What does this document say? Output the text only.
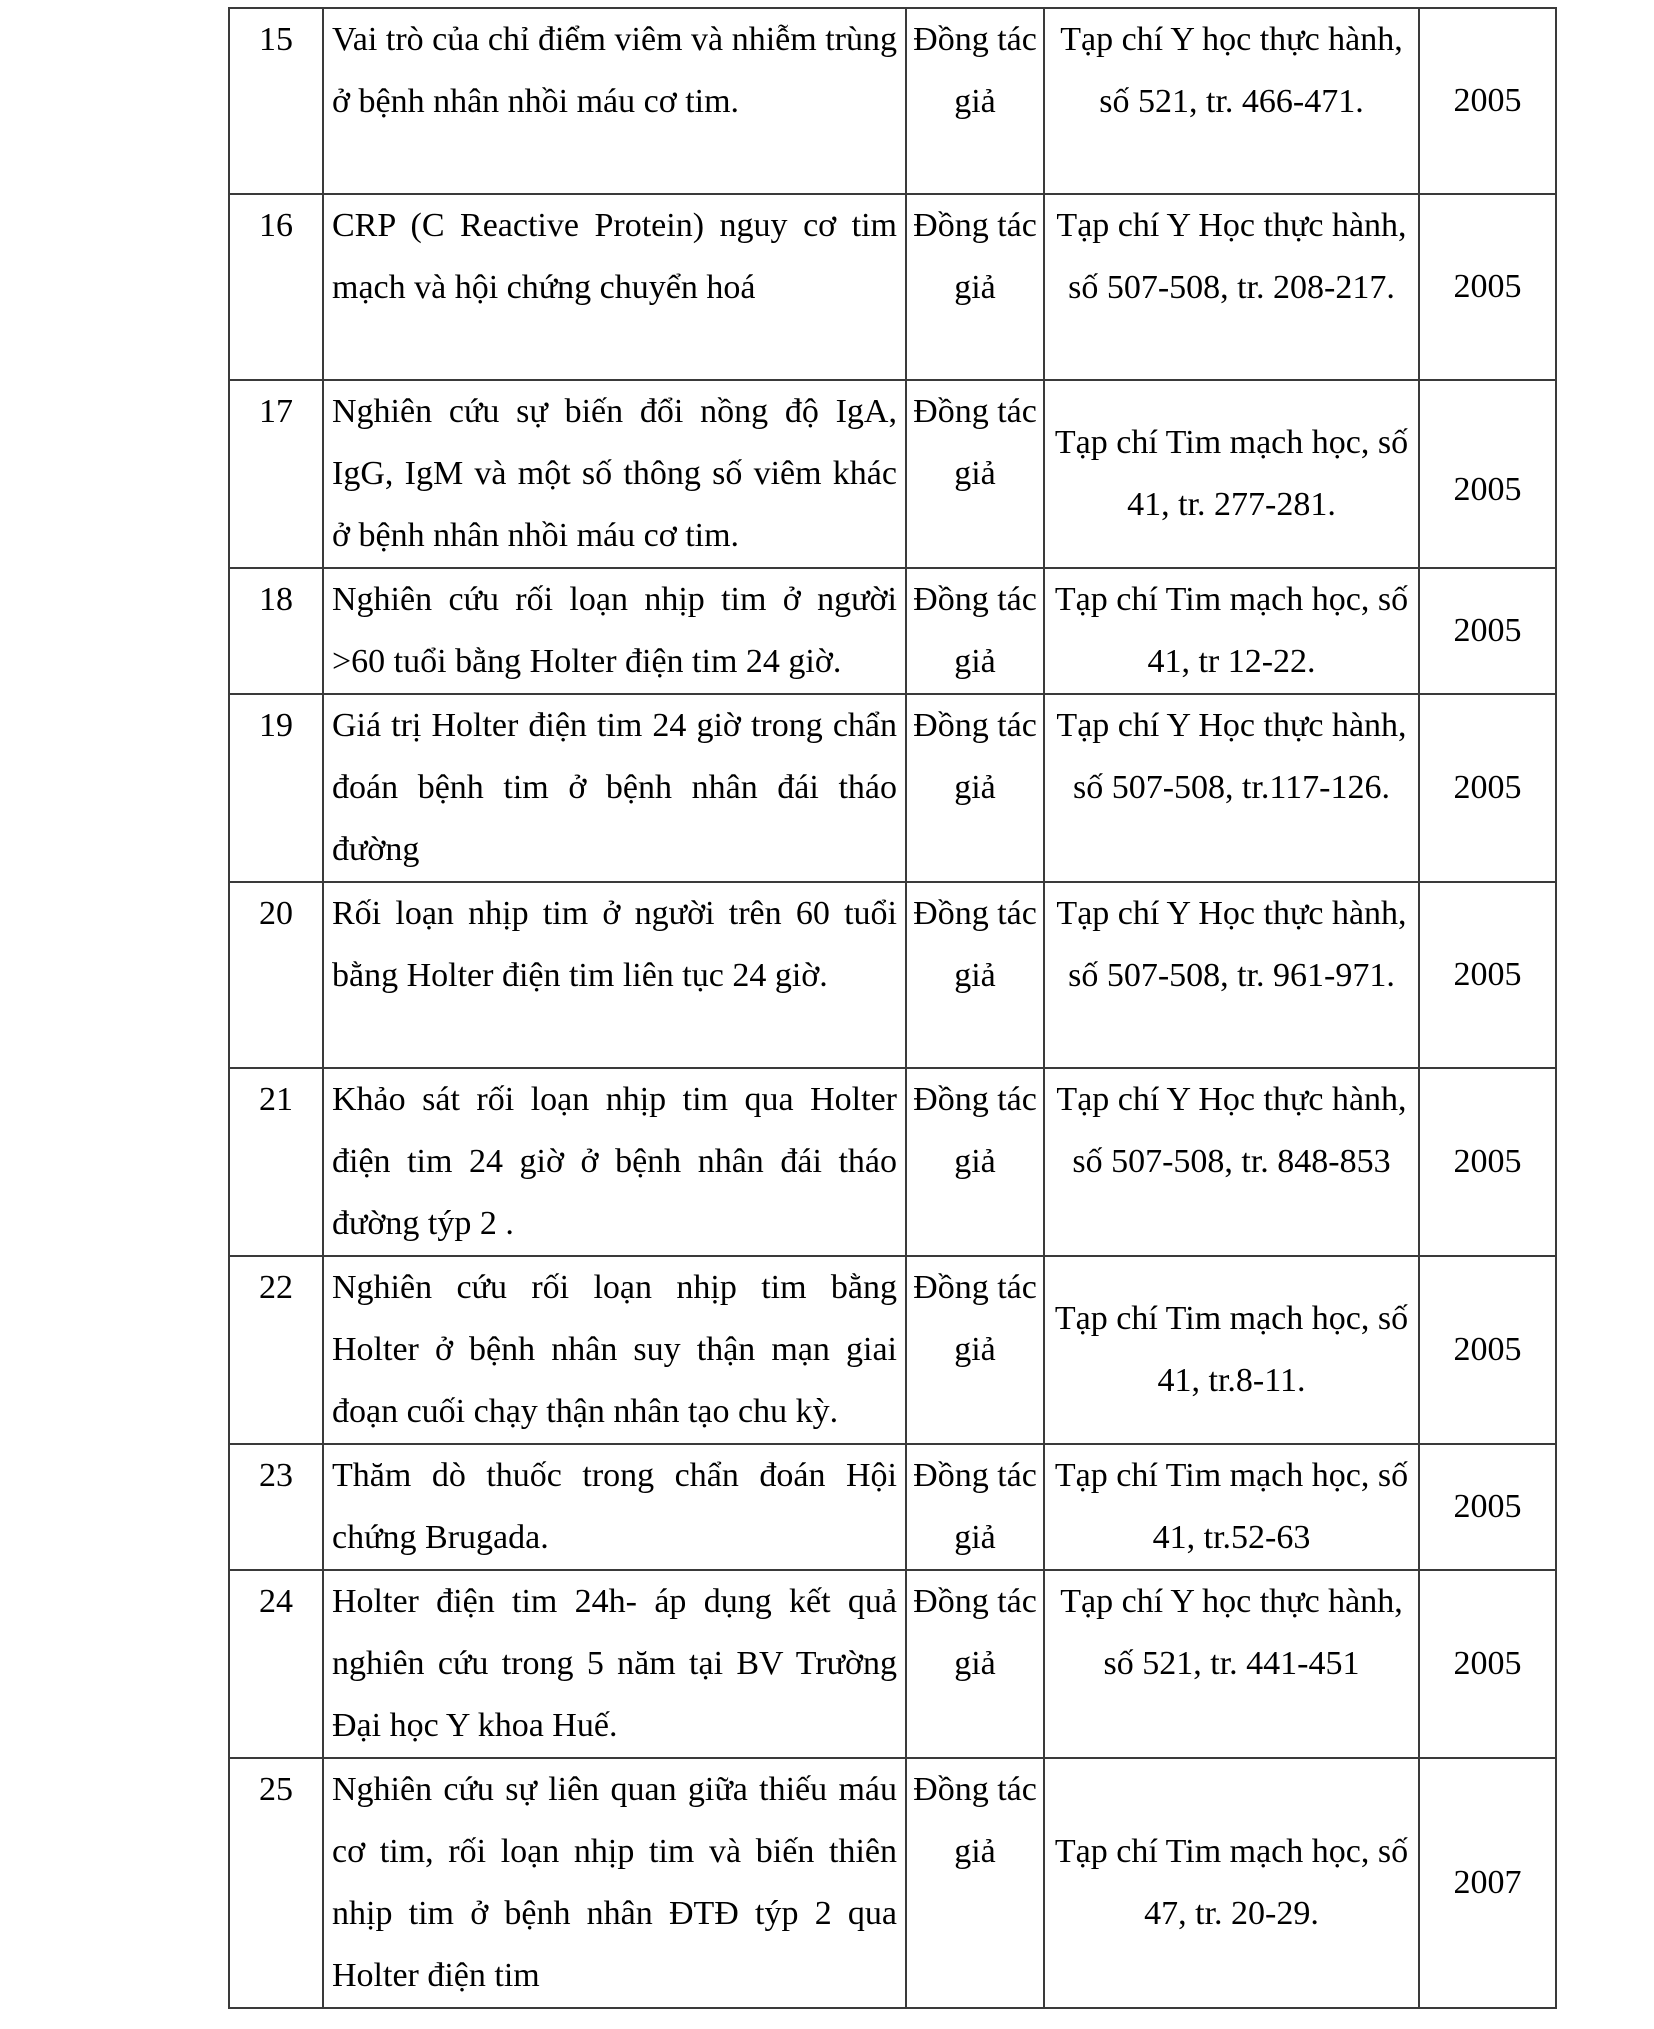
15	Vai trò của chỉ điểm viêm và nhiễm trùng ở bệnh nhân nhồi máu cơ tim.	Đồng tác giả	Tạp chí Y học thực hành, số 521, tr. 466-471.	2005
16	CRP (C Reactive Protein) nguy cơ tim mạch và hội chứng chuyển hoá	Đồng tác giả	Tạp chí Y Học thực hành, số 507-508, tr. 208-217.	2005
17	Nghiên cứu sự biến đổi nồng độ IgA, IgG, IgM và một số thông số viêm khác ở bệnh nhân nhồi máu cơ tim.	Đồng tác giả	Tạp chí Tim mạch học, số 41, tr. 277-281.	2005

18	Nghiên cứu rối loạn nhịp tim ở người >60 tuổi bằng Holter điện tim 24 giờ.	Đồng tác giả	Tạp chí Tim mạch học, số 41, tr 12-22.	2005
19	Giá trị Holter điện tim 24 giờ trong chẩn đoán bệnh tim ở bệnh nhân đái tháo đường	Đồng tác giả	Tạp chí Y Học thực hành, số 507-508, tr.117-126.	2005
20	Rối loạn nhịp tim ở người trên 60 tuổi bằng Holter điện tim liên tục 24 giờ.	Đồng tác giả	Tạp chí Y Học thực hành, số 507-508, tr. 961-971.	2005
21	Khảo sát rối loạn nhịp tim qua Holter điện tim 24 giờ ở bệnh nhân đái tháo đường týp 2 .	Đồng tác giả	Tạp chí Y Học thực hành, số 507-508, tr. 848-853	2005
22	Nghiên cứu rối loạn nhịp tim bằng Holter ở bệnh nhân suy thận mạn giai đoạn cuối chạy thận nhân tạo chu kỳ.	Đồng tác giả	Tạp chí Tim mạch học, số 41, tr.8-11.	2005
23	Thăm dò thuốc trong chẩn đoán Hội chứng Brugada.	Đồng tác giả	Tạp chí Tim mạch học, số 41, tr.52-63	2005
24	Holter điện tim 24h- áp dụng kết quả nghiên cứu trong 5 năm tại BV Trường Đại học Y khoa Huế.	Đồng tác giả	Tạp chí Y học thực hành, số 521, tr. 441-451	2005
25	Nghiên cứu sự liên quan giữa thiếu máu cơ tim, rối loạn nhịp tim và biến thiên nhịp tim ở bệnh nhân ĐTĐ týp 2 qua Holter điện tim	Đồng tác giả	Tạp chí Tim mạch học, số 47, tr. 20-29.	2007
